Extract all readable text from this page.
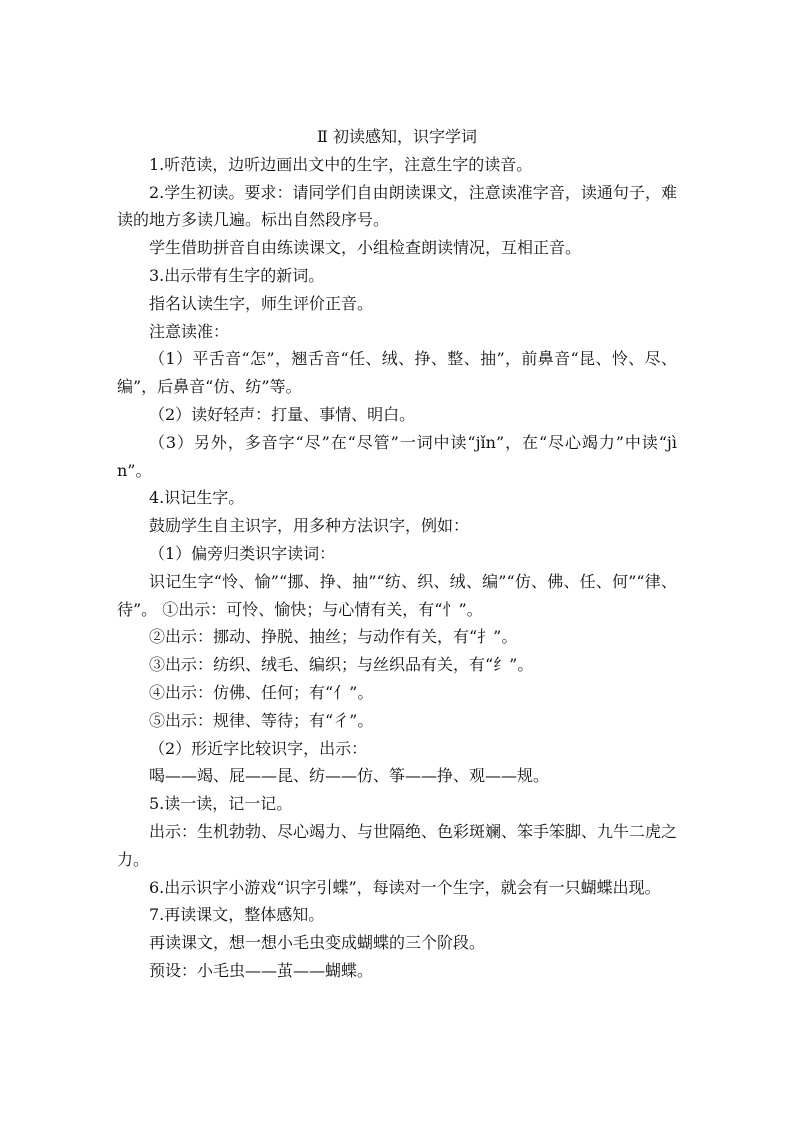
Ⅱ 初读感知，识字学词

1.听范读，边听边画出文中的生字，注意生字的读音。

2.学生初读。要求：请同学们自由朗读课文，注意读准字音，读通句子，难读的地方多读几遍。标出自然段序号。

学生借助拼音自由练读课文，小组检查朗读情况，互相正音。

3.出示带有生字的新词。

指名认读生字，师生评价正音。

注意读准：

（1）平舌音“怎”，翘舌音“任、绒、挣、整、抽”，前鼻音“昆、怜、尽、编”，后鼻音“仿、纺”等。

（2）读好轻声：打量、事情、明白。

（3）另外，多音字“尽”在“尽管”一词中读“jǐn”，在“尽心竭力”中读“jìn”。

4.识记生字。

鼓励学生自主识字，用多种方法识字，例如：

（1）偏旁归类识字读词：

识记生字“怜、愉”“挪、挣、抽”“纺、织、绒、编”“仿、佛、任、何”“律、待”。 ①出示：可怜、愉快；与心情有关，有“忄”。

②出示：挪动、挣脱、抽丝；与动作有关，有“扌”。

③出示：纺织、绒毛、编织；与丝织品有关，有“纟”。

④出示：仿佛、任何；有“亻”。

⑤出示：规律、等待；有“彳”。

（2）形近字比较识字，出示：

喝——竭、屁——昆、纺——仿、筝——挣、观——规。

5.读一读，记一记。

出示：生机勃勃、尽心竭力、与世隔绝、色彩斑斓、笨手笨脚、九牛二虎之力。

6.出示识字小游戏“识字引蝶”，每读对一个生字，就会有一只蝴蝶出现。

7.再读课文，整体感知。

再读课文，想一想小毛虫变成蝴蝶的三个阶段。

预设：小毛虫——茧——蝴蝶。
